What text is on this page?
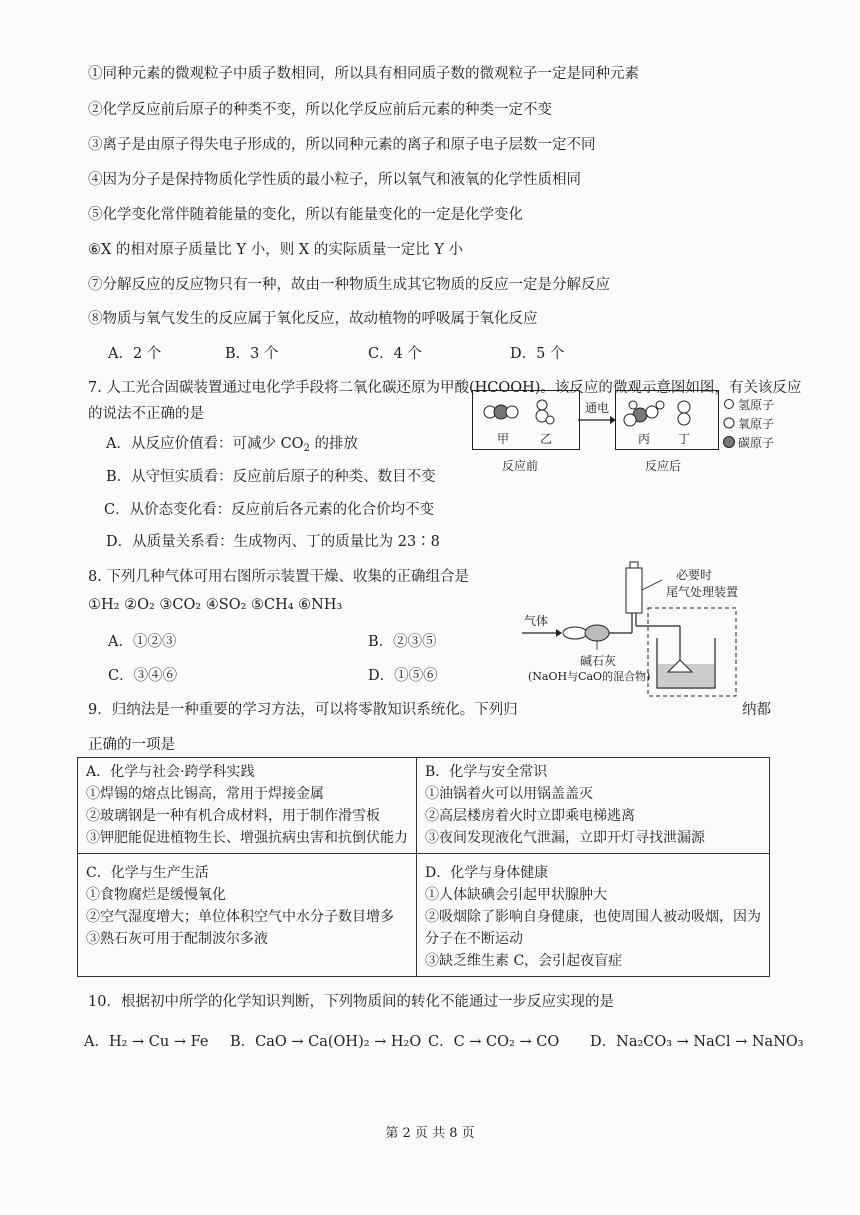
①同种元素的微观粒子中质子数相同，所以具有相同质子数的微观粒子一定是同种元素
②化学反应前后原子的种类不变，所以化学反应前后元素的种类一定不变
③离子是由原子得失电子形成的，所以同种元素的离子和原子电子层数一定不同
④因为分子是保持物质化学性质的最小粒子，所以氧气和液氧的化学性质相同
⑤化学变化常伴随着能量的变化，所以有能量变化的一定是化学变化
⑥X 的相对原子质量比 Y 小，则 X 的实际质量一定比 Y 小
⑦分解反应的反应物只有一种，故由一种物质生成其它物质的反应一定是分解反应
⑧物质与氧气发生的反应属于氧化反应，故动植物的呼吸属于氧化反应
A．2 个	B．3 个	C．4 个	D．5 个
7. 人工光合固碳装置通过电化学手段将二氧化碳还原为甲酸(HCOOH)。该反应的微观示意图如图，有关该反应
的说法不正确的是
A．从反应价值看：可减少 $CO_2$ 的排放
B．从守恒实质看：反应前后原子的种类、数目不变
C．从价态变化看：反应前后各元素的化合价均不变
D．从质量关系看：生成物丙、丁的质量比为 23∶8
通电
甲	乙	丙 丁
反应前	反应后
氢原子
氧原子
碳原子
8. 下列几种气体可用右图所示装置干燥、收集的正确组合是
①H₂ ②O₂ ③CO₂ ④SO₂ ⑤CH₄ ⑥NH₃
A．①②③	B．②③⑤
C．③④⑥	D．①⑤⑥
气体
必要时
尾气处理装置
碱石灰
(NaOH与CaO的混合物)
9．归纳法是一种重要的学习方法，可以将零散知识系统化。下列归	纳都
正确的一项是
A．化学与社会·跨学科实践
①焊锡的熔点比锡高，常用于焊接金属
②玻璃钢是一种有机合成材料，用于制作滑雪板
③钾肥能促进植物生长、增强抗病虫害和抗倒伏能力	B．化学与安全常识
①油锅着火可以用锅盖盖灭
②高层楼房着火时立即乘电梯逃离
③夜间发现液化气泄漏，立即开灯寻找泄漏源

C．化学与生产生活
①食物腐烂是缓慢氧化
②空气湿度增大；单位体积空气中水分子数目增多
③熟石灰可用于配制波尔多液	D．化学与身体健康
①人体缺碘会引起甲状腺肿大
②吸烟除了影响自身健康，也使周围人被动吸烟，因为
分子在不断运动
③缺乏维生素 C，会引起夜盲症
10．根据初中所学的化学知识判断，下列物质间的转化不能通过一步反应实现的是
A．H₂ → Cu → Fe B．CaO → Ca(OH)₂ → H₂O C．C → CO₂ → CO D．Na₂CO₃ → NaCl → NaNO₃
第 2 页 共 8 页
